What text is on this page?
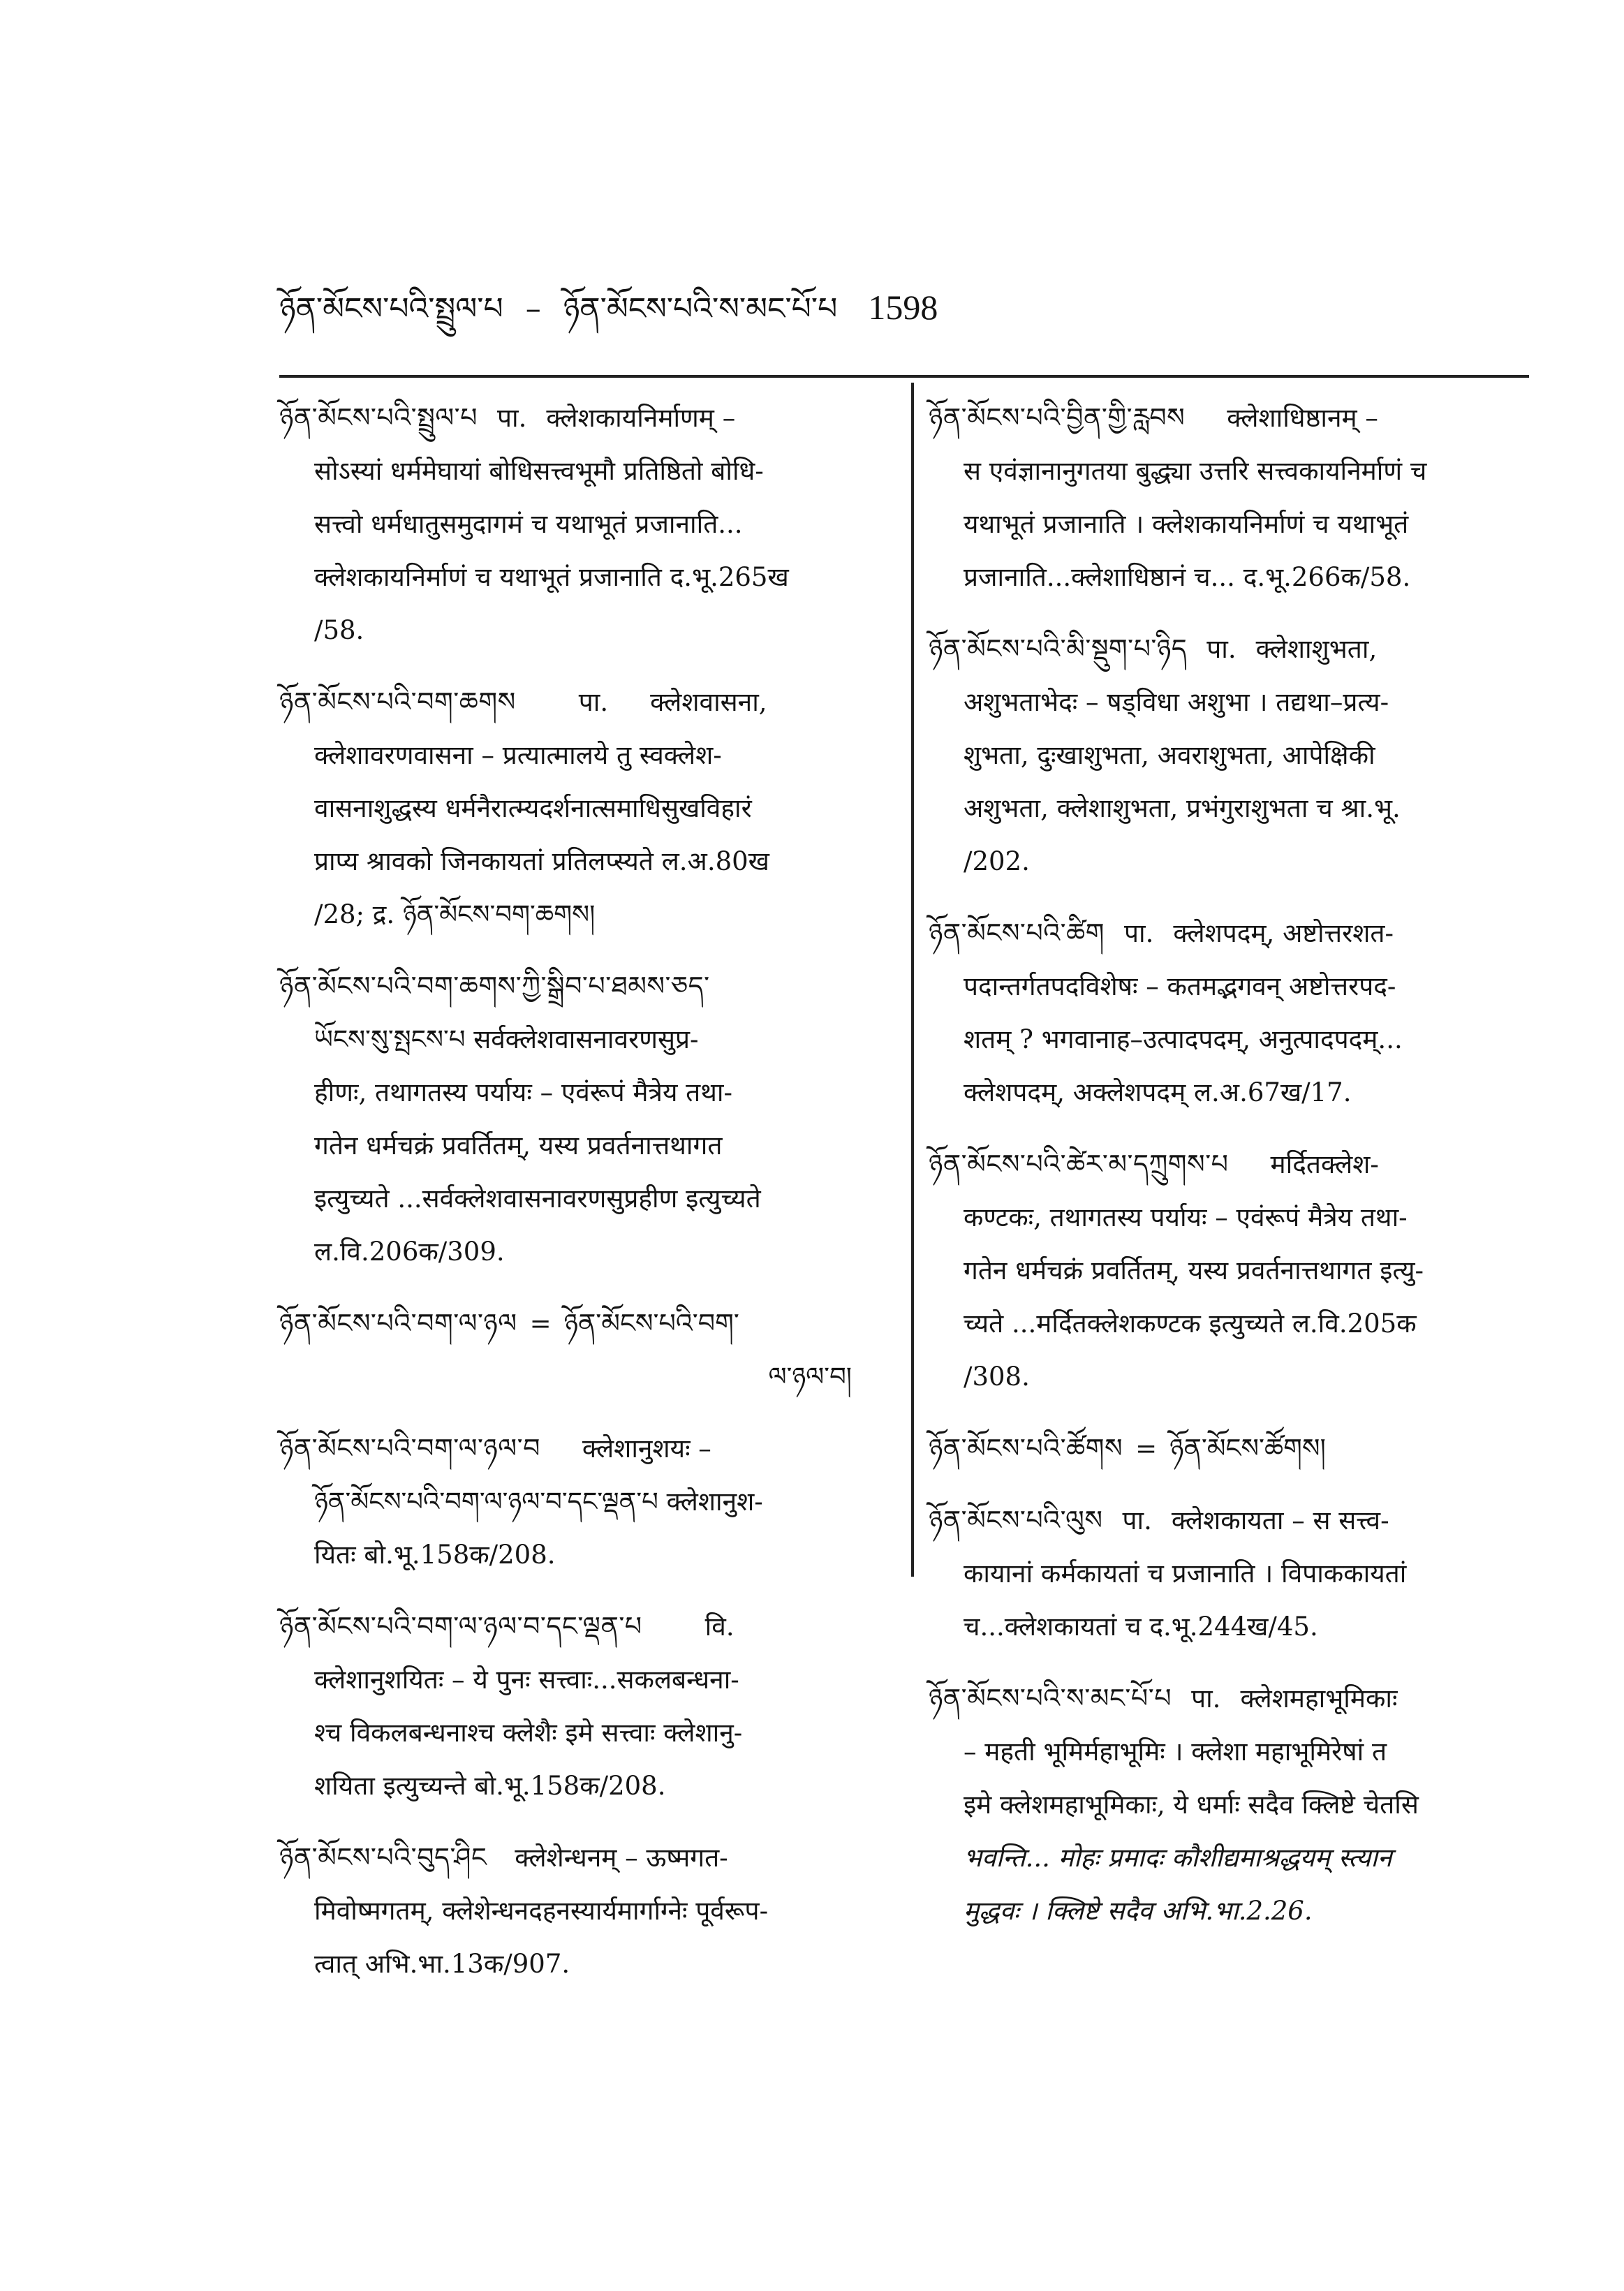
ཉོན་མོངས་པའི་སྤྲུལ་པ – ཉོན་མོངས་པའི་ས་མང་པོ་པ 1598
ཉོན་མོངས་པའི་སྤྲུལ་པ पा. क्लेशकायनिर्माणम् –
सोऽस्यां धर्ममेघायां बोधिसत्त्वभूमौ प्रतिष्ठितो बोधि-
सत्त्वो धर्मधातुसमुदागमं च यथाभूतं प्रजानाति...
क्लेशकायनिर्माणं च यथाभूतं प्रजानाति द.भू.265ख
/58.
ཉོན་མོངས་པའི་བག་ཆགས पा. क्लेशवासना,
क्लेशावरणवासना – प्रत्यात्मालये तु स्वक्लेश-
वासनाशुद्धस्य धर्मनैरात्म्यदर्शनात्समाधिसुखविहारं
प्राप्य श्रावको जिनकायतां प्रतिलप्स्यते ल.अ.80ख
/28; द्र. ཉོན་མོངས་བག་ཆགས།
ཉོན་མོངས་པའི་བག་ཆགས་ཀྱི་སྒྲིབ་པ་ཐམས་ཅད་
ཡོངས་སུ་སྤངས་པ सर्वक्लेशवासनावरणसुप्र-
हीणः, तथागतस्य पर्यायः – एवंरूपं मैत्रेय तथा-
गतेन धर्मचक्रं प्रवर्तितम्, यस्य प्रवर्तनात्तथागत
इत्युच्यते ...सर्वक्लेशवासनावरणसुप्रहीण इत्युच्यते
ल.वि.206क/309.
ཉོན་མོངས་པའི་བག་ལ་ཉལ = ཉོན་མོངས་པའི་བག་
ལ་ཉལ་བ།
ཉོན་མོངས་པའི་བག་ལ་ཉལ་བ क्लेशानुशयः –
ཉོན་མོངས་པའི་བག་ལ་ཉལ་བ་དང་ལྡན་པ क्लेशानुश-
यितः बो.भू.158क/208.
ཉོན་མོངས་པའི་བག་ལ་ཉལ་བ་དང་ལྡན་པ वि.
क्लेशानुशयितः – ये पुनः सत्त्वाः...सकलबन्धना-
श्च विकलबन्धनाश्च क्लेशैः इमे सत्त्वाः क्लेशानु-
शयिता इत्युच्यन्ते बो.भू.158क/208.
ཉོན་མོངས་པའི་བུད་ཤིང क्लेशेन्धनम् – ऊष्मगत-
मिवोष्मगतम्, क्लेशेन्धनदहनस्यार्यमार्गाग्नेः पूर्वरूप-
त्वात् अभि.भा.13क/907.
ཉོན་མོངས་པའི་བྱིན་གྱི་རླབས क्लेशाधिष्ठानम् –
स एवंज्ञानानुगतया बुद्ध्या उत्तरि सत्त्वकायनिर्माणं च
यथाभूतं प्रजानाति । क्लेशकायनिर्माणं च यथाभूतं
प्रजानाति...क्लेशाधिष्ठानं च... द.भू.266क/58.
ཉོན་མོངས་པའི་མི་སྡུག་པ་ཉིད पा. क्लेशाशुभता,
अशुभताभेदः – षड्विधा अशुभा । तद्यथा–प्रत्य-
शुभता, दुःखाशुभता, अवराशुभता, आपेक्षिकी
अशुभता, क्लेशाशुभता, प्रभंगुराशुभता च श्रा.भू.
/202.
ཉོན་མོངས་པའི་ཚིག पा. क्लेशपदम्, अष्टोत्तरशत-
पदान्तर्गतपदविशेषः – कतमद्भगवन् अष्टोत्तरपद-
शतम् ? भगवानाह–उत्पादपदम्, अनुत्पादपदम्...
क्लेशपदम्, अक्लेशपदम् ल.अ.67ख/17.
ཉོན་མོངས་པའི་ཚེར་མ་དཀྲུགས་པ मर्दितक्लेश-
कण्टकः, तथागतस्य पर्यायः – एवंरूपं मैत्रेय तथा-
गतेन धर्मचक्रं प्रवर्तितम्, यस्य प्रवर्तनात्तथागत इत्यु-
च्यते ...मर्दितक्लेशकण्टक इत्युच्यते ल.वि.205क
/308.
ཉོན་མོངས་པའི་ཚོགས = ཉོན་མོངས་ཚོགས།
ཉོན་མོངས་པའི་ལུས पा. क्लेशकायता – स सत्त्व-
कायानां कर्मकायतां च प्रजानाति । विपाककायतां
च...क्लेशकायतां च द.भू.244ख/45.
ཉོན་མོངས་པའི་ས་མང་པོ་པ पा. क्लेशमहाभूमिकाः
– महती भूमिर्महाभूमिः । क्लेशा महाभूमिरेषां त
इमे क्लेशमहाभूमिकाः, ये धर्माः सदैव क्लिष्टे चेतसि
भवन्ति... मोहः प्रमादः कौशीद्यमाश्रद्धयम् स्त्यान
मुद्धवः । क्लिष्टे सदैव अभि.भा.2.26.
